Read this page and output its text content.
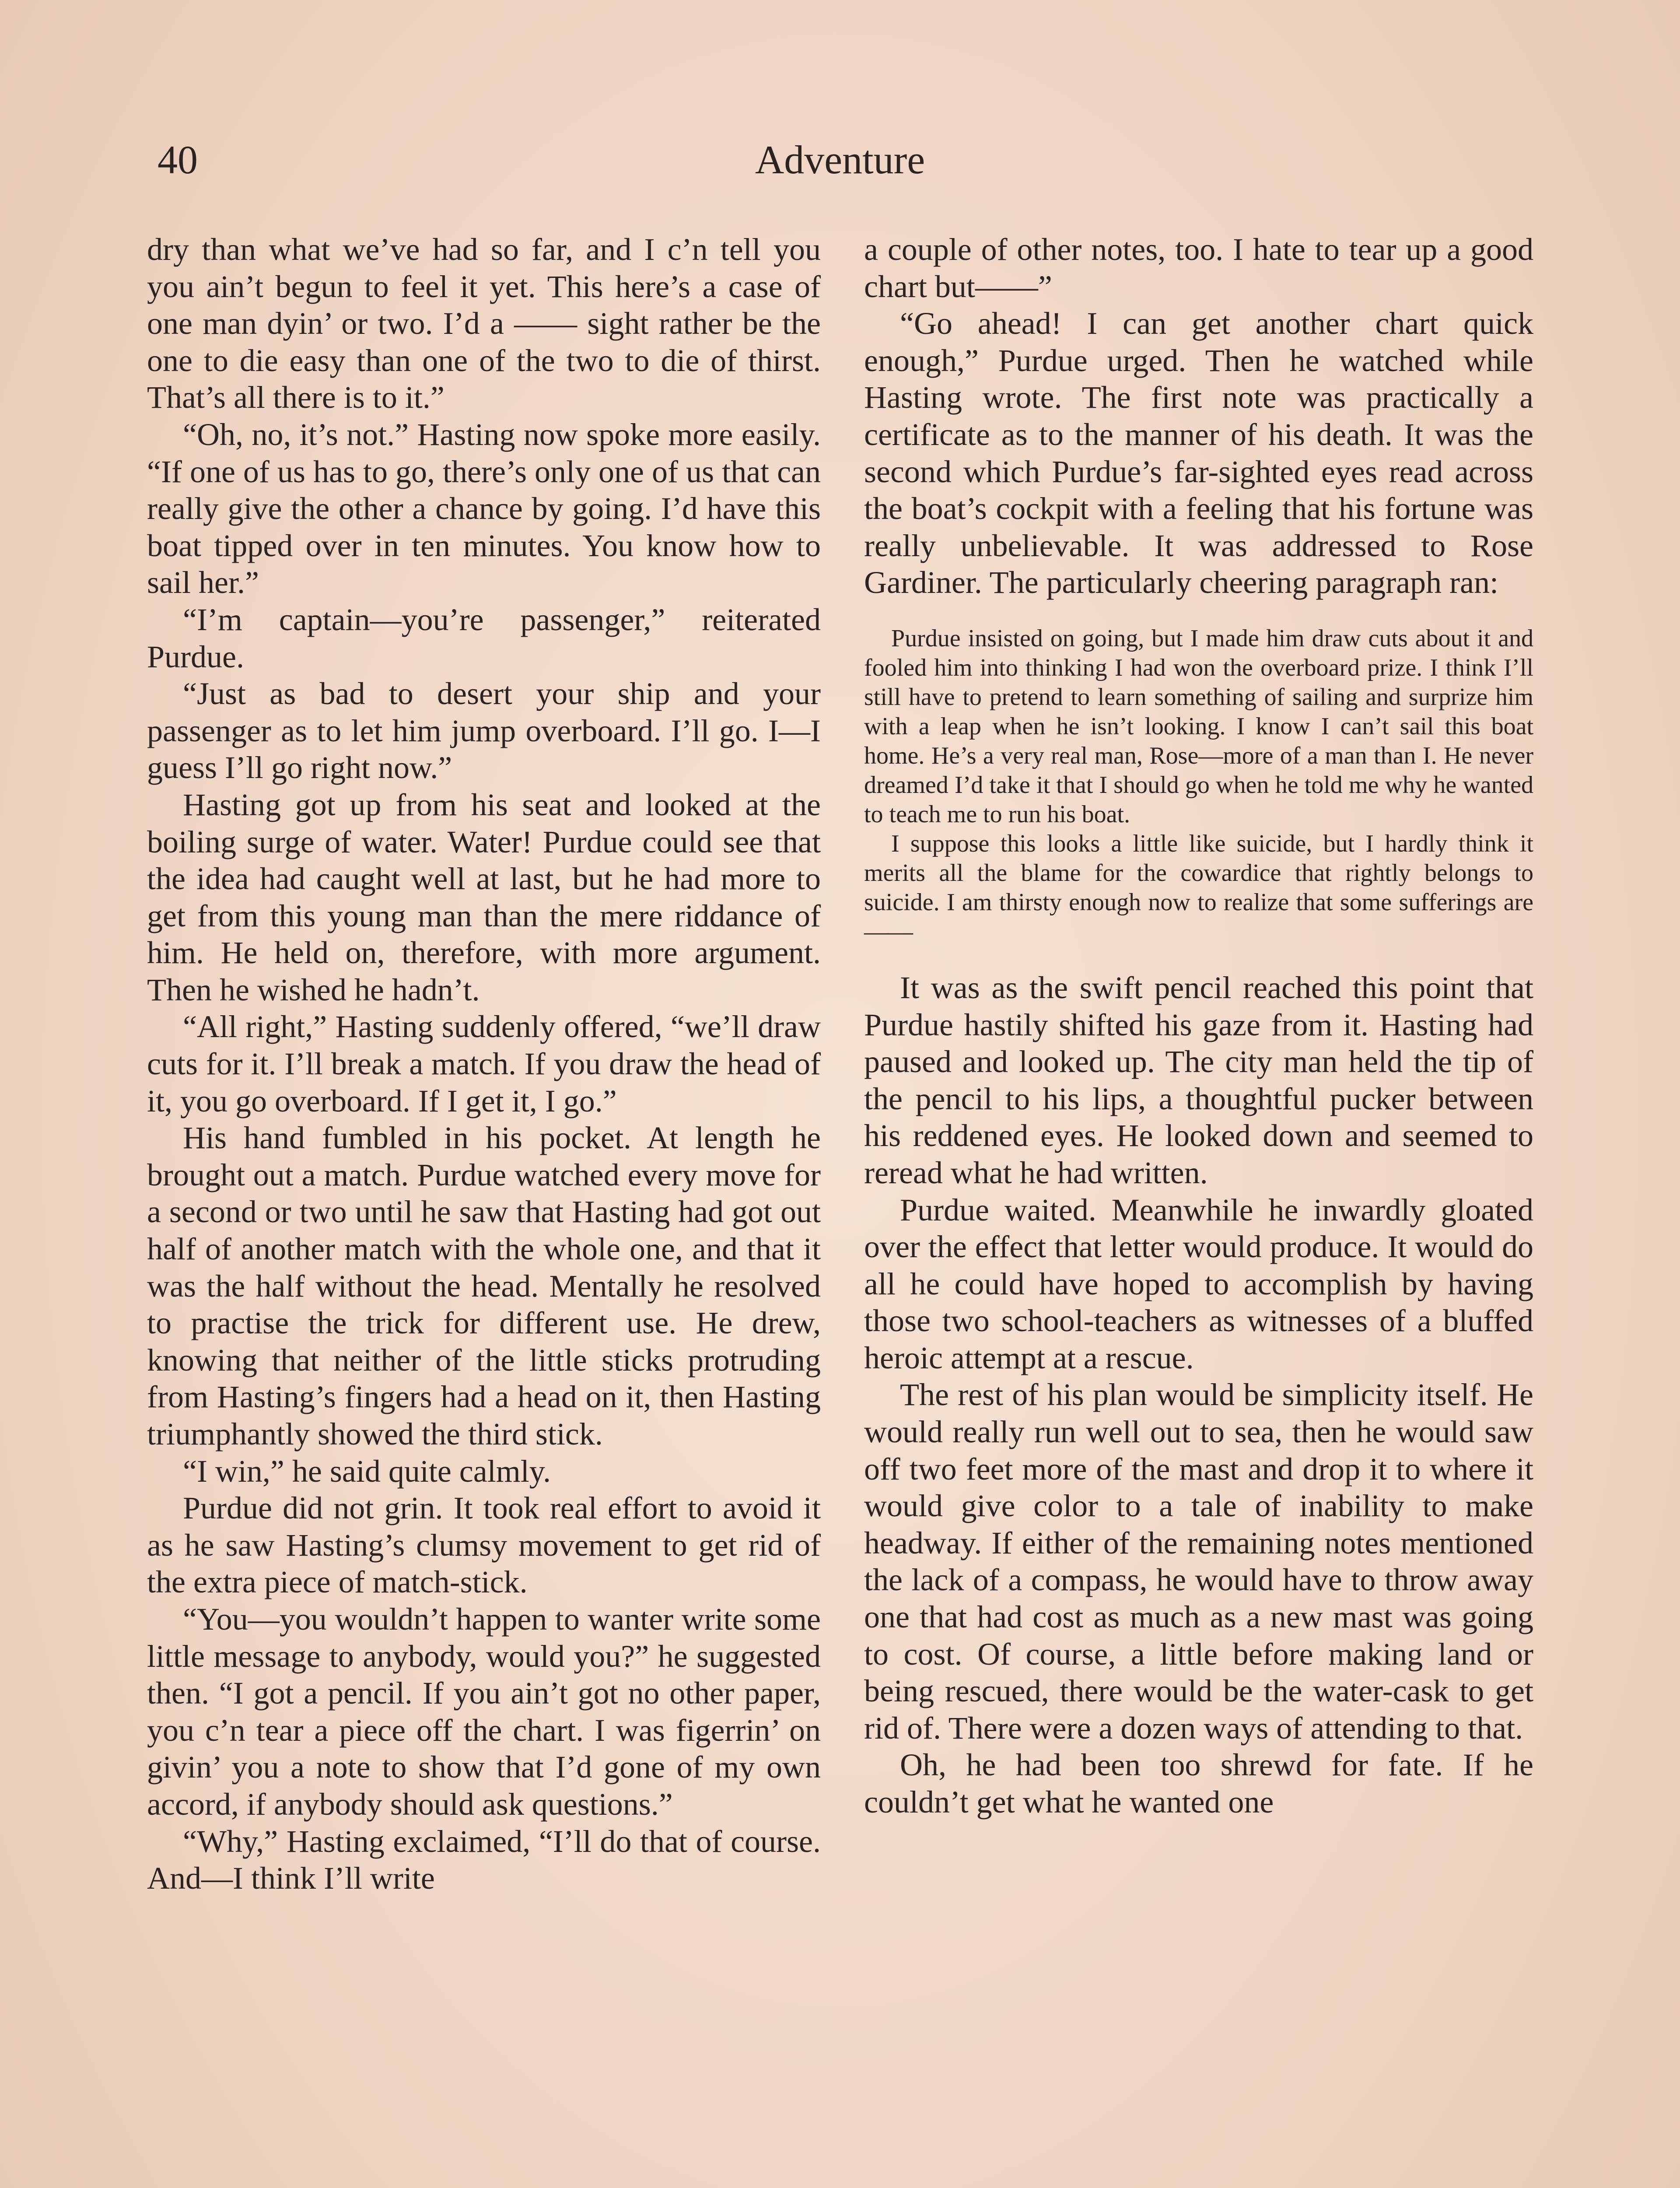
40	Adventure

dry than what we’ve had so far, and I c’n tell you you ain’t begun to feel it yet. This here’s a case of one man dyin’ or two. I’d a —— sight rather be the one to die easy than one of the two to die of thirst. That’s all there is to it.”

“Oh, no, it’s not.” Hasting now spoke more easily. “If one of us has to go, there’s only one of us that can really give the other a chance by going. I’d have this boat tipped over in ten minutes. You know how to sail her.”

“I’m captain—you’re passenger,” reiterated Purdue.

“Just as bad to desert your ship and your passenger as to let him jump overboard. I’ll go. I—I guess I’ll go right now.”

Hasting got up from his seat and looked at the boiling surge of water. Water! Purdue could see that the idea had caught well at last, but he had more to get from this young man than the mere riddance of him. He held on, therefore, with more argument. Then he wished he hadn’t.

“All right,” Hasting suddenly offered, “we’ll draw cuts for it. I’ll break a match. If you draw the head of it, you go overboard. If I get it, I go.”

His hand fumbled in his pocket. At length he brought out a match. Purdue watched every move for a second or two until he saw that Hasting had got out half of another match with the whole one, and that it was the half without the head. Mentally he resolved to practise the trick for different use. He drew, knowing that neither of the little sticks protruding from Hasting’s fingers had a head on it, then Hasting triumphantly showed the third stick.

“I win,” he said quite calmly.

Purdue did not grin. It took real effort to avoid it as he saw Hasting’s clumsy movement to get rid of the extra piece of match-stick.

“You—you wouldn’t happen to wanter write some little message to anybody, would you?” he suggested then. “I got a pencil. If you ain’t got no other paper, you c’n tear a piece off the chart. I was figerrin’ on givin’ you a note to show that I’d gone of my own accord, if anybody should ask questions.”

“Why,” Hasting exclaimed, “I’ll do that of course. And—I think I’ll write

a couple of other notes, too. I hate to tear up a good chart but——”

“Go ahead! I can get another chart quick enough,” Purdue urged. Then he watched while Hasting wrote. The first note was practically a certificate as to the manner of his death. It was the second which Purdue’s far-sighted eyes read across the boat’s cockpit with a feeling that his fortune was really unbelievable. It was addressed to Rose Gardiner. The particularly cheering paragraph ran:

Purdue insisted on going, but I made him draw cuts about it and fooled him into thinking I had won the overboard prize. I think I’ll still have to pretend to learn something of sailing and surprize him with a leap when he isn’t looking. I know I can’t sail this boat home. He’s a very real man, Rose—more of a man than I. He never dreamed I’d take it that I should go when he told me why he wanted to teach me to run his boat.

I suppose this looks a little like suicide, but I hardly think it merits all the blame for the cowardice that rightly belongs to suicide. I am thirsty enough now to realize that some sufferings are——

It was as the swift pencil reached this point that Purdue hastily shifted his gaze from it. Hasting had paused and looked up. The city man held the tip of the pencil to his lips, a thoughtful pucker between his reddened eyes. He looked down and seemed to reread what he had written.

Purdue waited. Meanwhile he inwardly gloated over the effect that letter would produce. It would do all he could have hoped to accomplish by having those two school-teachers as witnesses of a bluffed heroic attempt at a rescue.

The rest of his plan would be simplicity itself. He would really run well out to sea, then he would saw off two feet more of the mast and drop it to where it would give color to a tale of inability to make headway. If either of the remaining notes mentioned the lack of a compass, he would have to throw away one that had cost as much as a new mast was going to cost. Of course, a little before making land or being rescued, there would be the water-cask to get rid of. There were a dozen ways of attending to that.

Oh, he had been too shrewd for fate. If he couldn’t get what he wanted one
